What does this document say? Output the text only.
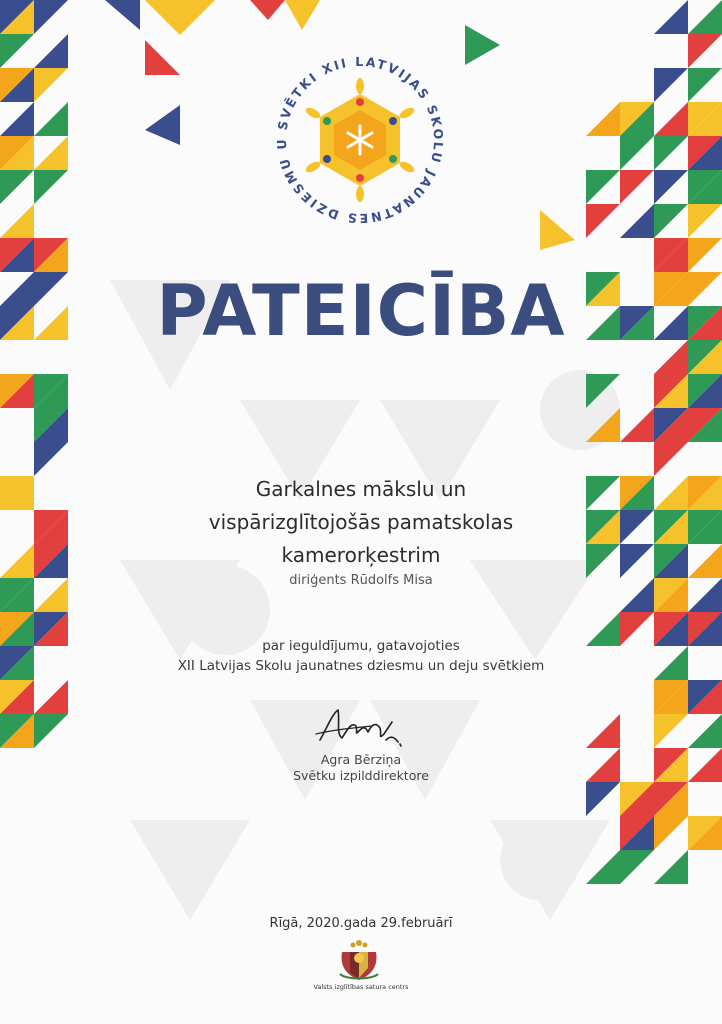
SVĒTKI XII LATVIJAS SKOLU JAUNATNES DZIESMU U
PATEICĪBA
Garkalnes mākslu un
vispārizglītojošās pamatskolas
kamerorķestrim
diriģents Rūdolfs Misa
par ieguldījumu, gatavojoties
XII Latvijas Skolu jaunatnes dziesmu un deju svētkiem
Agra Bērziņa
Svētku izpilddirektore
Rīgā, 2020.gada 29.februārī
Valsts izglītības satura centrs
